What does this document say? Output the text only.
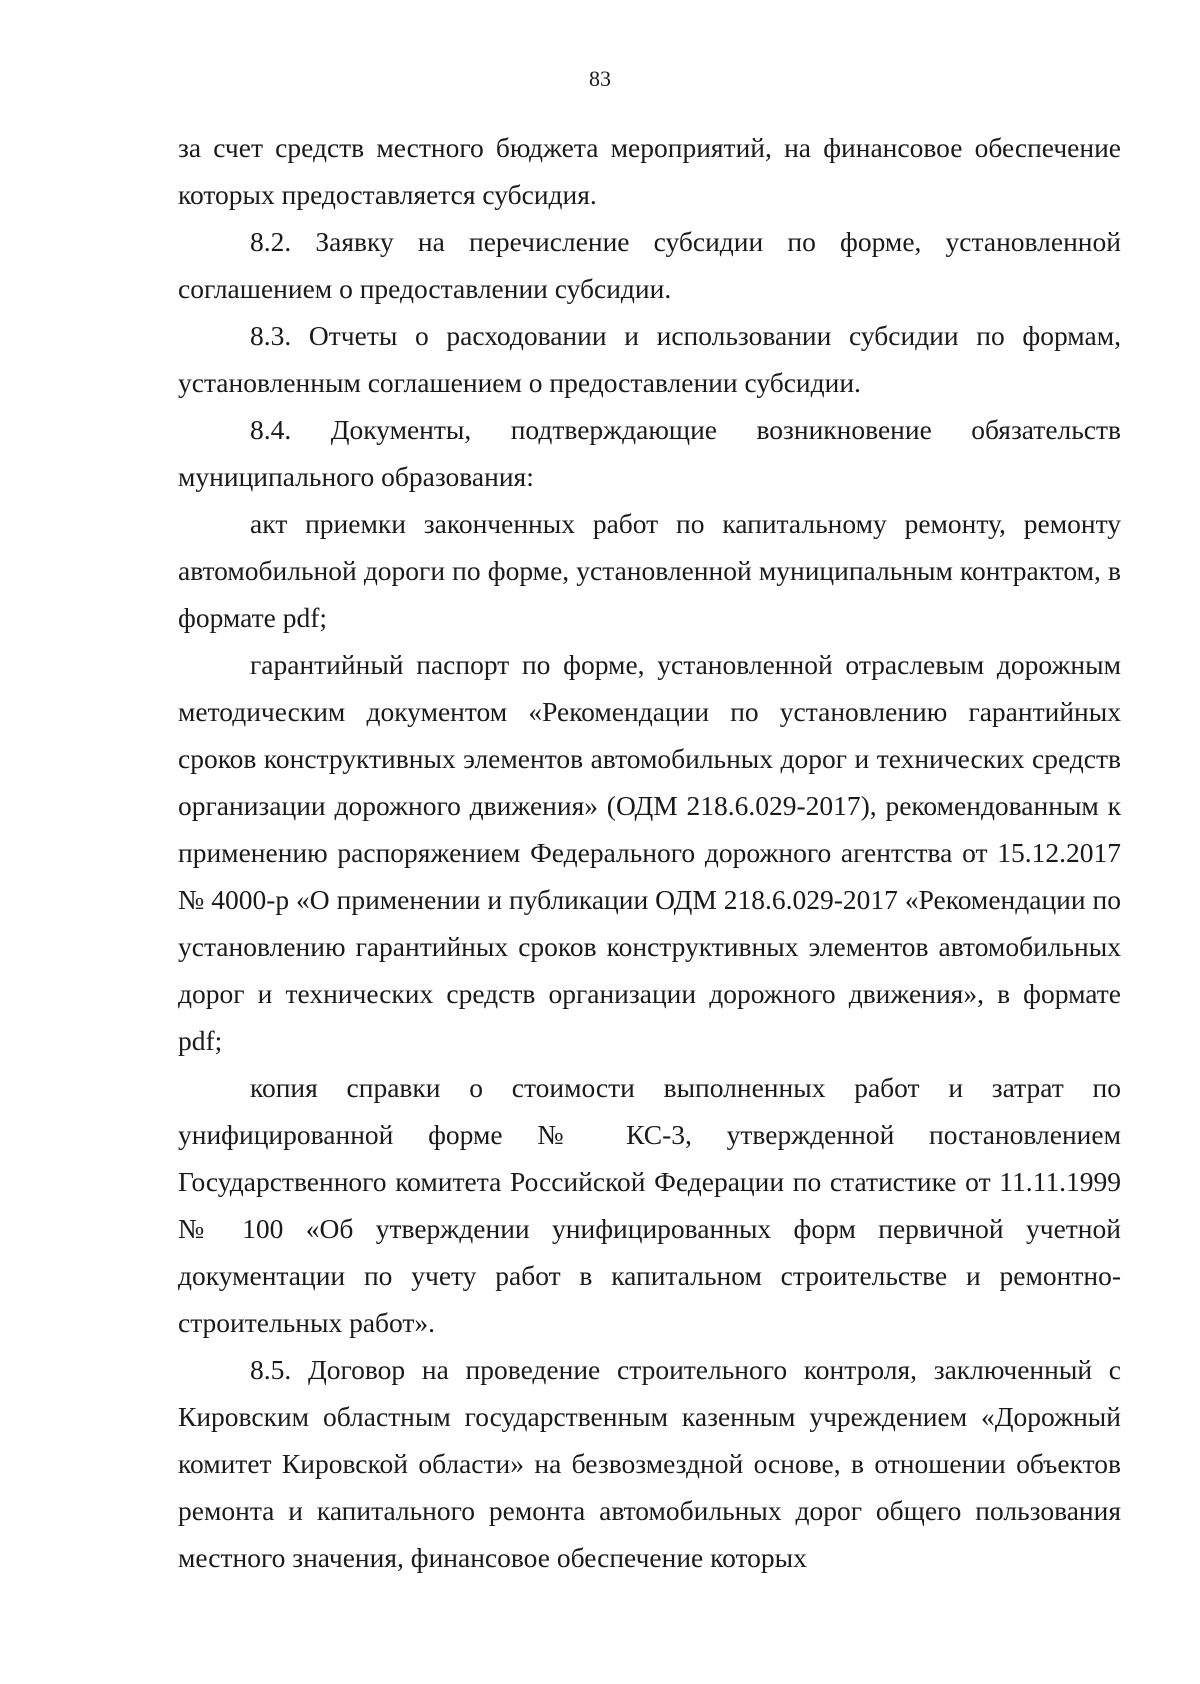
83

за счет средств местного бюджета мероприятий, на финансовое обеспечение которых предоставляется субсидия.

8.2. Заявку на перечисление субсидии по форме, установленной соглашением о предоставлении субсидии.

8.3. Отчеты о расходовании и использовании субсидии по формам, установленным соглашением о предоставлении субсидии.

8.4. Документы, подтверждающие возникновение обязательств муниципального образования:

акт приемки законченных работ по капитальному ремонту, ремонту автомобильной дороги по форме, установленной муниципальным контрактом, в формате pdf;

гарантийный паспорт по форме, установленной отраслевым дорожным методическим документом «Рекомендации по установлению гарантийных сроков конструктивных элементов автомобильных дорог и технических средств организации дорожного движения» (ОДМ 218.6.029-2017), рекомендованным к применению распоряжением Федерального дорожного агентства от 15.12.2017 № 4000-р «О применении и публикации ОДМ 218.6.029-2017 «Рекомендации по установлению гарантийных сроков конструктивных элементов автомобильных дорог и технических средств организации дорожного движения», в формате pdf;

копия справки о стоимости выполненных работ и затрат по унифицированной форме № КС-3, утвержденной постановлением Государственного комитета Российской Федерации по статистике от 11.11.1999 № 100 «Об утверждении унифицированных форм первичной учетной документации по учету работ в капитальном строительстве и ремонтно-строительных работ».

8.5. Договор на проведение строительного контроля, заключенный с Кировским областным государственным казенным учреждением «Дорожный комитет Кировской области» на безвозмездной основе, в отношении объектов ремонта и капитального ремонта автомобильных дорог общего пользования местного значения, финансовое обеспечение которых
